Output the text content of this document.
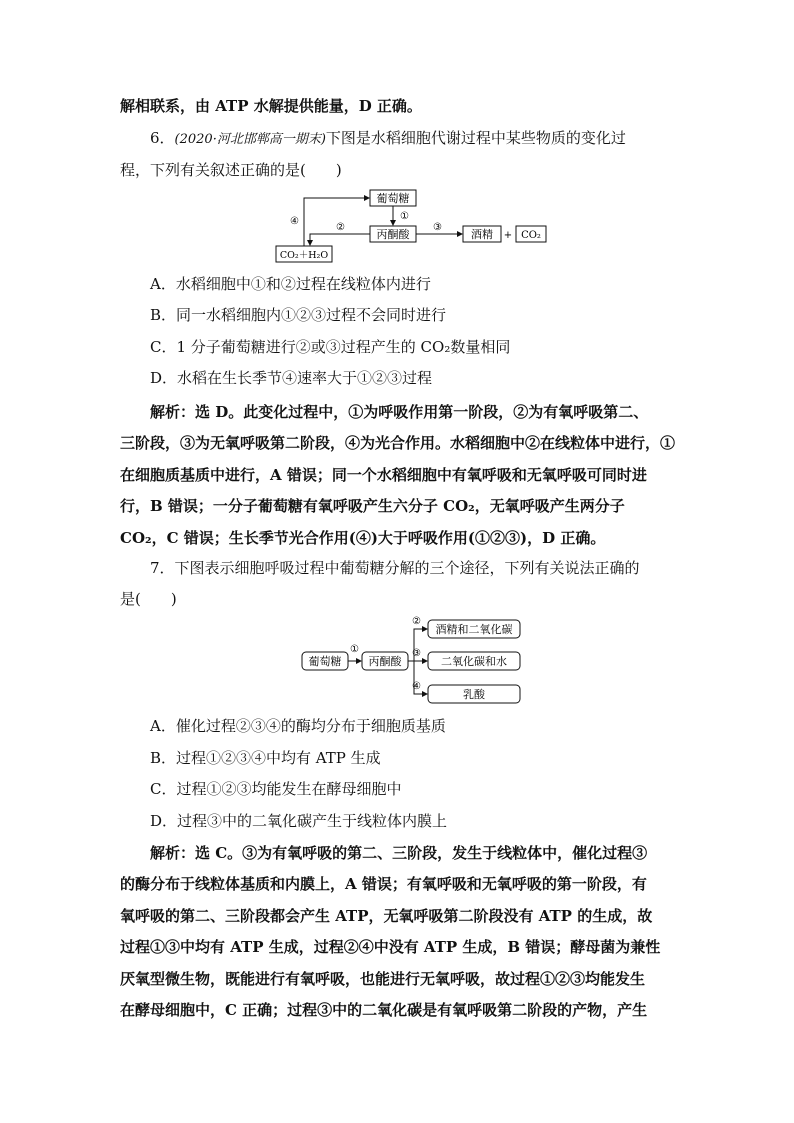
解相联系，由 ATP 水解提供能量，D 正确。
6．(2020·河北邯郸高一期末)下图是水稻细胞代谢过程中某些物质的变化过
程，下列有关叙述正确的是(　　)
葡萄糖
丙酮酸	酒精 + CO₂
CO₂＋H₂O
①
③
②
④
A．水稻细胞中①和②过程在线粒体内进行
B．同一水稻细胞内①②③过程不会同时进行
C．1 分子葡萄糖进行②或③过程产生的 CO₂数量相同
D．水稻在生长季节④速率大于①②③过程
解析：选 D。此变化过程中，①为呼吸作用第一阶段，②为有氧呼吸第二、
三阶段，③为无氧呼吸第二阶段，④为光合作用。水稻细胞中②在线粒体中进行，①
在细胞质基质中进行，A 错误；同一个水稻细胞中有氧呼吸和无氧呼吸可同时进
行，B 错误；一分子葡萄糖有氧呼吸产生六分子 CO₂，无氧呼吸产生两分子
CO₂，C 错误；生长季节光合作用(④)大于呼吸作用(①②③)，D 正确。
7．下图表示细胞呼吸过程中葡萄糖分解的三个途径，下列有关说法正确的
是(　　)
葡萄糖 丙酮酸
①
酒精和二氧化碳
二氧化碳和水
乳酸
②
③
④
A．催化过程②③④的酶均分布于细胞质基质
B．过程①②③④中均有 ATP 生成
C．过程①②③均能发生在酵母细胞中
D．过程③中的二氧化碳产生于线粒体内膜上
解析：选 C。③为有氧呼吸的第二、三阶段，发生于线粒体中，催化过程③
的酶分布于线粒体基质和内膜上，A 错误；有氧呼吸和无氧呼吸的第一阶段，有
氧呼吸的第二、三阶段都会产生 ATP，无氧呼吸第二阶段没有 ATP 的生成，故
过程①③中均有 ATP 生成，过程②④中没有 ATP 生成，B 错误；酵母菌为兼性
厌氧型微生物，既能进行有氧呼吸，也能进行无氧呼吸，故过程①②③均能发生
在酵母细胞中，C 正确；过程③中的二氧化碳是有氧呼吸第二阶段的产物，产生
